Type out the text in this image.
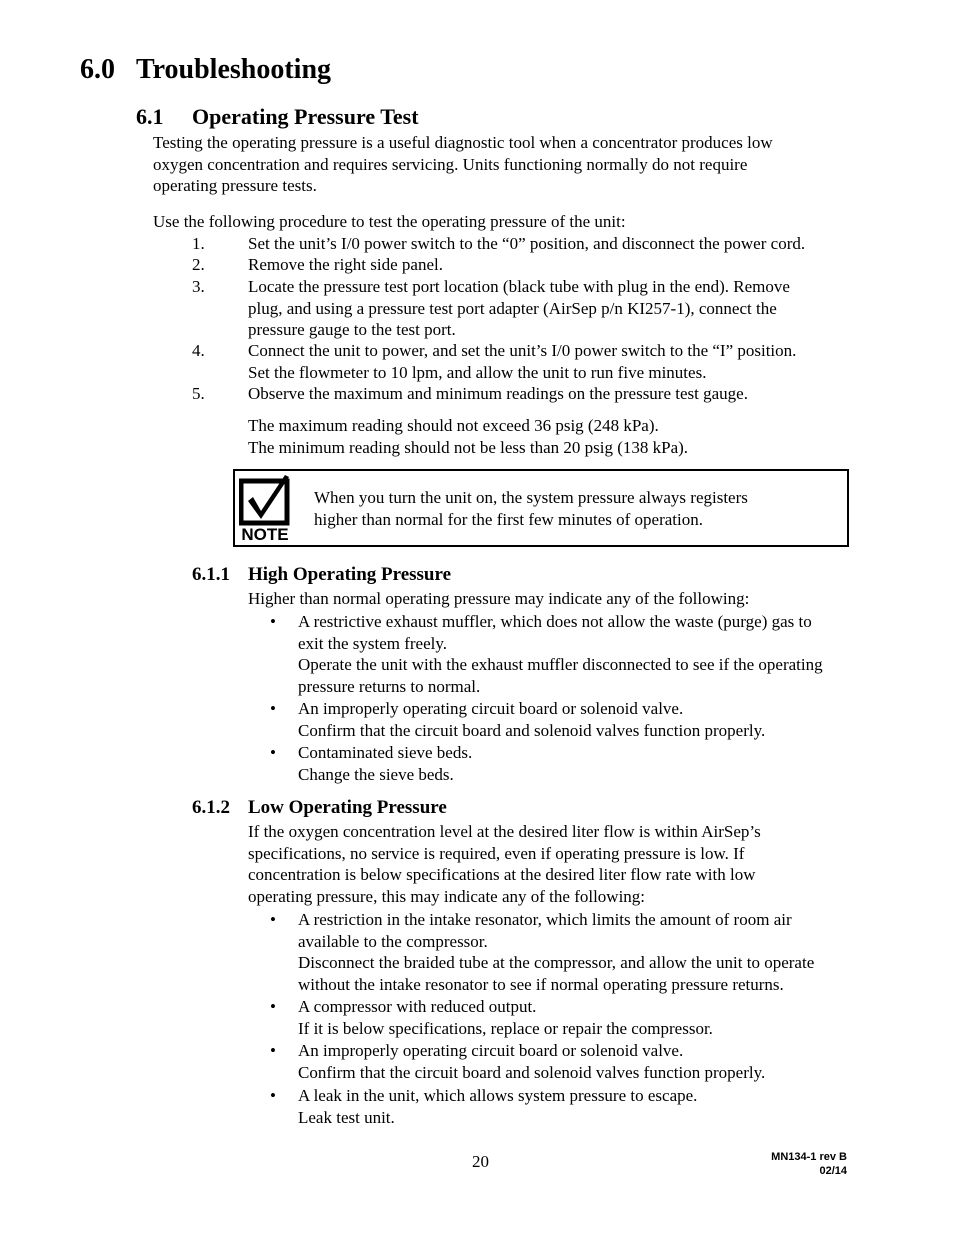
6.0 Troubleshooting
6.1 Operating Pressure Test
Testing the operating pressure is a useful diagnostic tool when a concentrator produces low
oxygen concentration and requires servicing. Units functioning normally do not require
operating pressure tests.
Use the following procedure to test the operating pressure of the unit:
1.	Set the unit’s I/0 power switch to the “0” position, and disconnect the power cord.
2.	Remove the right side panel.
3.	Locate the pressure test port location (black tube with plug in the end). Remove
plug, and using a pressure test port adapter (AirSep p/n KI257-1), connect the
pressure gauge to the test port.
4.	Connect the unit to power, and set the unit’s I/0 power switch to the “I” position.
Set the flowmeter to 10 lpm, and allow the unit to run five minutes.
5.	Observe the maximum and minimum readings on the pressure test gauge.
The maximum reading should not exceed 36 psig (248 kPa).
The minimum reading should not be less than 20 psig (138 kPa).
NOTE
When you turn the unit on, the system pressure always registers
higher than normal for the first few minutes of operation.
6.1.1 High Operating Pressure
Higher than normal operating pressure may indicate any of the following:
• A restrictive exhaust muffler, which does not allow the waste (purge) gas to
exit the system freely.
Operate the unit with the exhaust muffler disconnected to see if the operating
pressure returns to normal.
• An improperly operating circuit board or solenoid valve.
Confirm that the circuit board and solenoid valves function properly.
• Contaminated sieve beds.
Change the sieve beds.
6.1.2 Low Operating Pressure
If the oxygen concentration level at the desired liter flow is within AirSep’s
specifications, no service is required, even if operating pressure is low. If
concentration is below specifications at the desired liter flow rate with low
operating pressure, this may indicate any of the following:
• A restriction in the intake resonator, which limits the amount of room air
available to the compressor.
Disconnect the braided tube at the compressor, and allow the unit to operate
without the intake resonator to see if normal operating pressure returns.
• A compressor with reduced output.
If it is below specifications, replace or repair the compressor.
• An improperly operating circuit board or solenoid valve.
Confirm that the circuit board and solenoid valves function properly.
• A leak in the unit, which allows system pressure to escape.
Leak test unit.
20	MN134-1 rev B
02/14
